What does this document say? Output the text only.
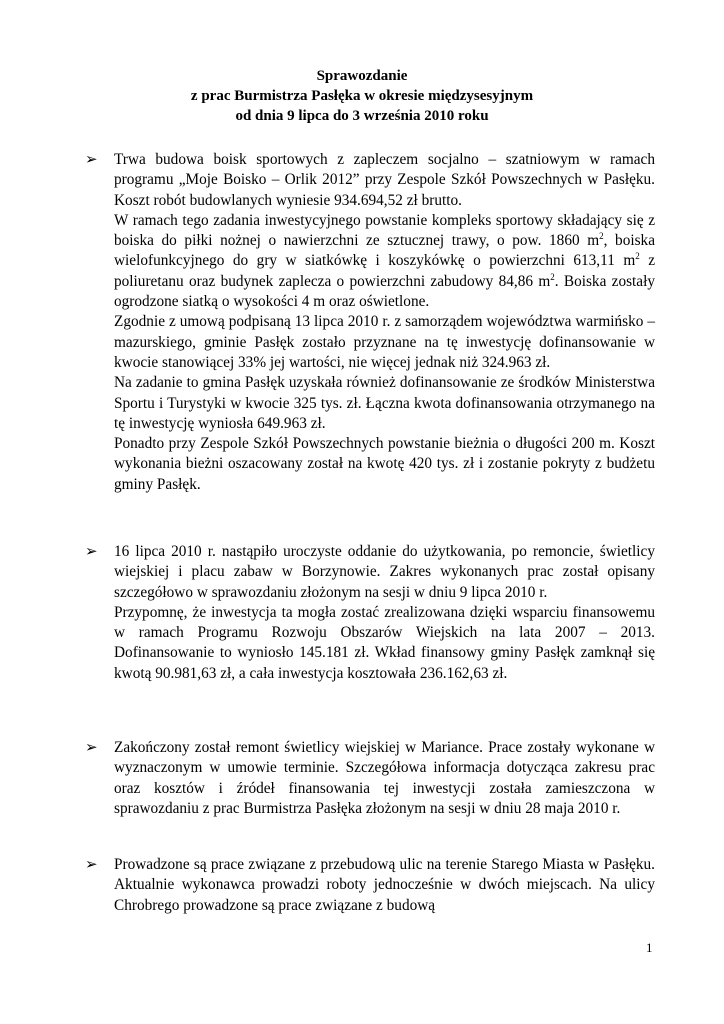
Sprawozdanie
z prac Burmistrza Pasłęka w okresie międzysesyjnym
od dnia 9 lipca do 3 września 2010 roku
➢	Trwa budowa boisk sportowych z zapleczem socjalno – szatniowym w ramach programu „Moje Boisko – Orlik 2012” przy Zespole Szkół Powszechnych w Pasłęku. Koszt robót budowlanych wyniesie 934.694,52 zł brutto.

W ramach tego zadania inwestycyjnego powstanie kompleks sportowy składający się z boiska do piłki nożnej o nawierzchni ze sztucznej trawy, o pow. 1860 $m^2$, boiska wielofunkcyjnego do gry w siatkówkę i koszykówkę o powierzchni 613,11 $m^2$ z poliuretanu oraz budynek zaplecza o powierzchni zabudowy 84,86 $m^2$. Boiska zostały ogrodzone siatką o wysokości 4 m oraz oświetlone.

Zgodnie z umową podpisaną 13 lipca 2010 r. z samorządem województwa warmińsko – mazurskiego, gminie Pasłęk zostało przyznane na tę inwestycję dofinansowanie w kwocie stanowiącej 33% jej wartości, nie więcej jednak niż 324.963 zł.

Na zadanie to gmina Pasłęk uzyskała również dofinansowanie ze środków Ministerstwa Sportu i Turystyki w kwocie 325 tys. zł. Łączna kwota dofinansowania otrzymanego na tę inwestycję wyniosła 649.963 zł.

Ponadto przy Zespole Szkół Powszechnych powstanie bieżnia o długości 200 m. Koszt wykonania bieżni oszacowany został na kwotę 420 tys. zł i zostanie pokryty z budżetu gminy Pasłęk.

➢	16 lipca 2010 r. nastąpiło uroczyste oddanie do użytkowania, po remoncie, świetlicy wiejskiej i placu zabaw w Borzynowie. Zakres wykonanych prac został opisany szczegółowo w sprawozdaniu złożonym na sesji w dniu 9 lipca 2010 r.

Przypomnę, że inwestycja ta mogła zostać zrealizowana dzięki wsparciu finansowemu w ramach Programu Rozwoju Obszarów Wiejskich na lata 2007 – 2013. Dofinansowanie to wyniosło 145.181 zł. Wkład finansowy gminy Pasłęk zamknął się kwotą 90.981,63 zł, a cała inwestycja kosztowała 236.162,63 zł.

➢	Zakończony został remont świetlicy wiejskiej w Mariance. Prace zostały wykonane w wyznaczonym w umowie terminie. Szczegółowa informacja dotycząca zakresu prac oraz kosztów i źródeł finansowania tej inwestycji została zamieszczona w sprawozdaniu z prac Burmistrza Pasłęka złożonym na sesji w dniu 28 maja 2010 r.

➢	Prowadzone są prace związane z przebudową ulic na terenie Starego Miasta w Pasłęku. Aktualnie wykonawca prowadzi roboty jednocześnie w dwóch miejscach. Na ulicy Chrobrego prowadzone są prace związane z budową

1
